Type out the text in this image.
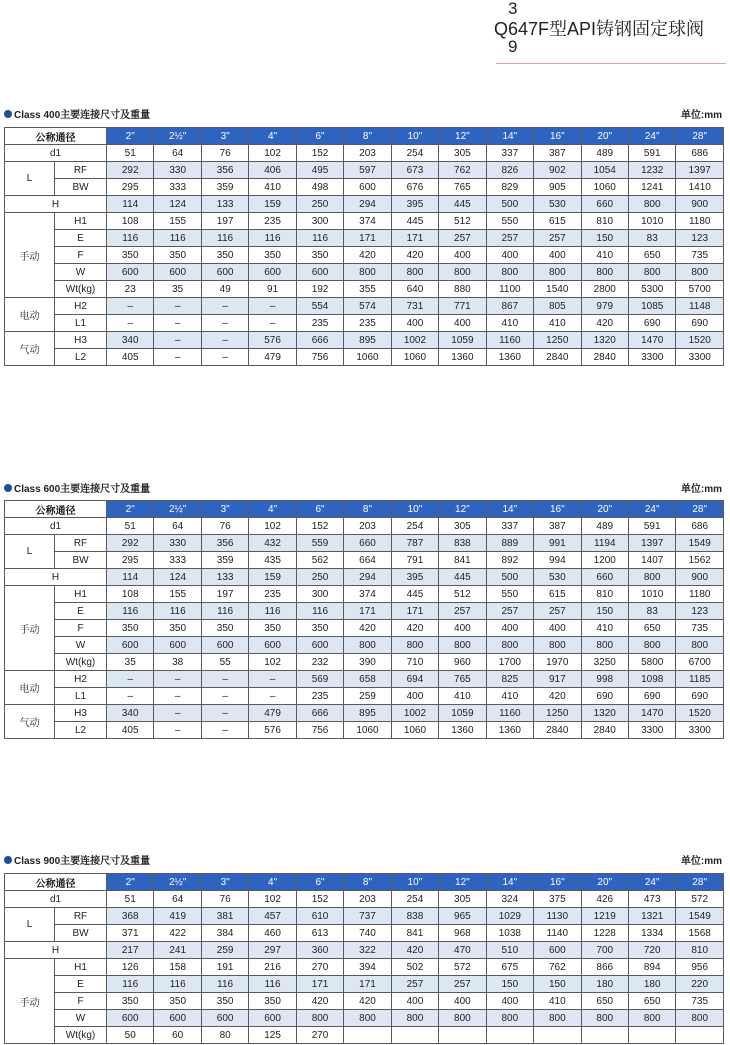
3
Q647F型API铸钢固定球阀
9
Class 400主要连接尺寸及重量	单位:mm
公称通径		2"	2½"	3"	4"	6"	8"	10"	12"	14"	16"	20"	24"	28"
d1		51	64	76	102	152	203	254	305	337	387	489	591	686
L	RF	292	330	356	406	495	597	673	762	826	902	1054	1232	1397
	BW	295	333	359	410	498	600	676	765	829	905	1060	1241	1410
H		114	124	133	159	250	294	395	445	500	530	660	800	900
手动	H1	108	155	197	235	300	374	445	512	550	615	810	1010	1180
	E	116	116	116	116	116	171	171	257	257	257	150	83	123
	F	350	350	350	350	350	420	420	400	400	400	410	650	735
	W	600	600	600	600	600	800	800	800	800	800	800	800	800
	Wt(kg)	23	35	49	91	192	355	640	880	1100	1540	2800	5300	5700
电动	H2	–	–	–	–	554	574	731	771	867	805	979	1085	1148
	L1	–	–	–	–	235	235	400	400	410	410	420	690	690
气动	H3	340	–	–	576	666	895	1002	1059	1160	1250	1320	1470	1520
	L2	405	–	–	479	756	1060	1060	1360	1360	2840	2840	3300	3300
Class 600主要连接尺寸及重量	单位:mm
公称通径		2"	2½"	3"	4"	6"	8"	10"	12"	14"	16"	20"	24"	28"
d1		51	64	76	102	152	203	254	305	337	387	489	591	686
L	RF	292	330	356	432	559	660	787	838	889	991	1194	1397	1549
	BW	295	333	359	435	562	664	791	841	892	994	1200	1407	1562
H		114	124	133	159	250	294	395	445	500	530	660	800	900
手动	H1	108	155	197	235	300	374	445	512	550	615	810	1010	1180
	E	116	116	116	116	116	171	171	257	257	257	150	83	123
	F	350	350	350	350	350	420	420	400	400	400	410	650	735
	W	600	600	600	600	600	800	800	800	800	800	800	800	800
	Wt(kg)	35	38	55	102	232	390	710	960	1700	1970	3250	5800	6700
电动	H2	–	–	–	–	569	658	694	765	825	917	998	1098	1185
	L1	–	–	–	–	235	259	400	410	410	420	690	690	690
气动	H3	340	–	–	479	666	895	1002	1059	1160	1250	1320	1470	1520
	L2	405	–	–	576	756	1060	1060	1360	1360	2840	2840	3300	3300
Class 900主要连接尺寸及重量	单位:mm
公称通径		2"	2½"	3"	4"	6"	8"	10"	12"	14"	16"	20"	24"	28"
d1		51	64	76	102	152	203	254	305	324	375	426	473	572
L	RF	368	419	381	457	610	737	838	965	1029	1130	1219	1321	1549
	BW	371	422	384	460	613	740	841	968	1038	1140	1228	1334	1568
H		217	241	259	297	360	322	420	470	510	600	700	720	810
手动	H1	126	158	191	216	270	394	502	572	675	762	866	894	956
	E	116	116	116	116	171	171	257	257	150	150	180	180	220
	F	350	350	350	350	420	420	400	400	400	410	650	650	735
	W	600	600	600	600	800	800	800	800	800	800	800	800	800
	Wt(kg)	50	60	80	125	270								
